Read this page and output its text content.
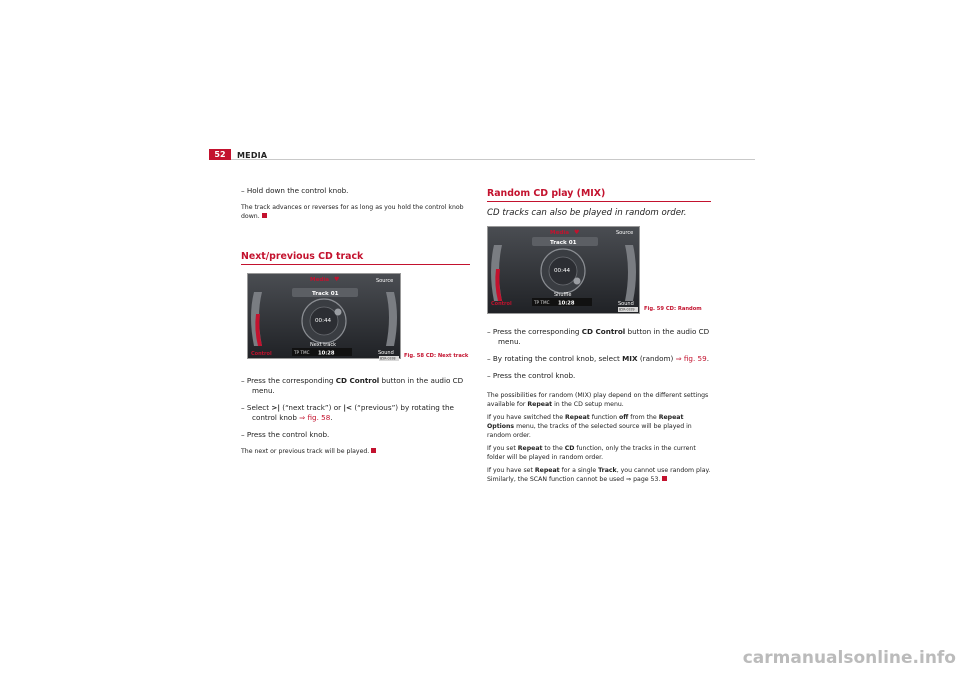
52	MEDIA

– Hold down the control knob.

The track advances or reverses for as long as you hold the control knob down.

Next/previous CD track
Media ♥	Source
Track 01
00:44
Next track
Control	Sound
TP TMC 10:28
B5R-0338 Fig. 58 CD: Next track

– Press the corresponding CD Control button in the audio CD menu.

– Select >| (“next track”) or |< (“previous”) by rotating the control knob ⇒ fig. 58.

– Press the control knob.

The next or previous track will be played.

Random CD play (MIX)
CD tracks can also be played in random order.
Media ♥	Source
Track 01
00:44
Shuffle
Control	Sound
TP TMC 10:28
B5R-0339 Fig. 59 CD: Random

– Press the corresponding CD Control button in the audio CD menu.

– By rotating the control knob, select MIX (random) ⇒ fig. 59.

– Press the control knob.

The possibilities for random (MIX) play depend on the different settings available for Repeat in the CD setup menu.

If you have switched the Repeat function off from the Repeat Options menu, the tracks of the selected source will be played in random order.

If you set Repeat to the CD function, only the tracks in the current folder will be played in random order.

If you have set Repeat for a single Track, you cannot use random play. Similarly, the SCAN function cannot be used ⇒ page 53.

carmanualsonline.info
